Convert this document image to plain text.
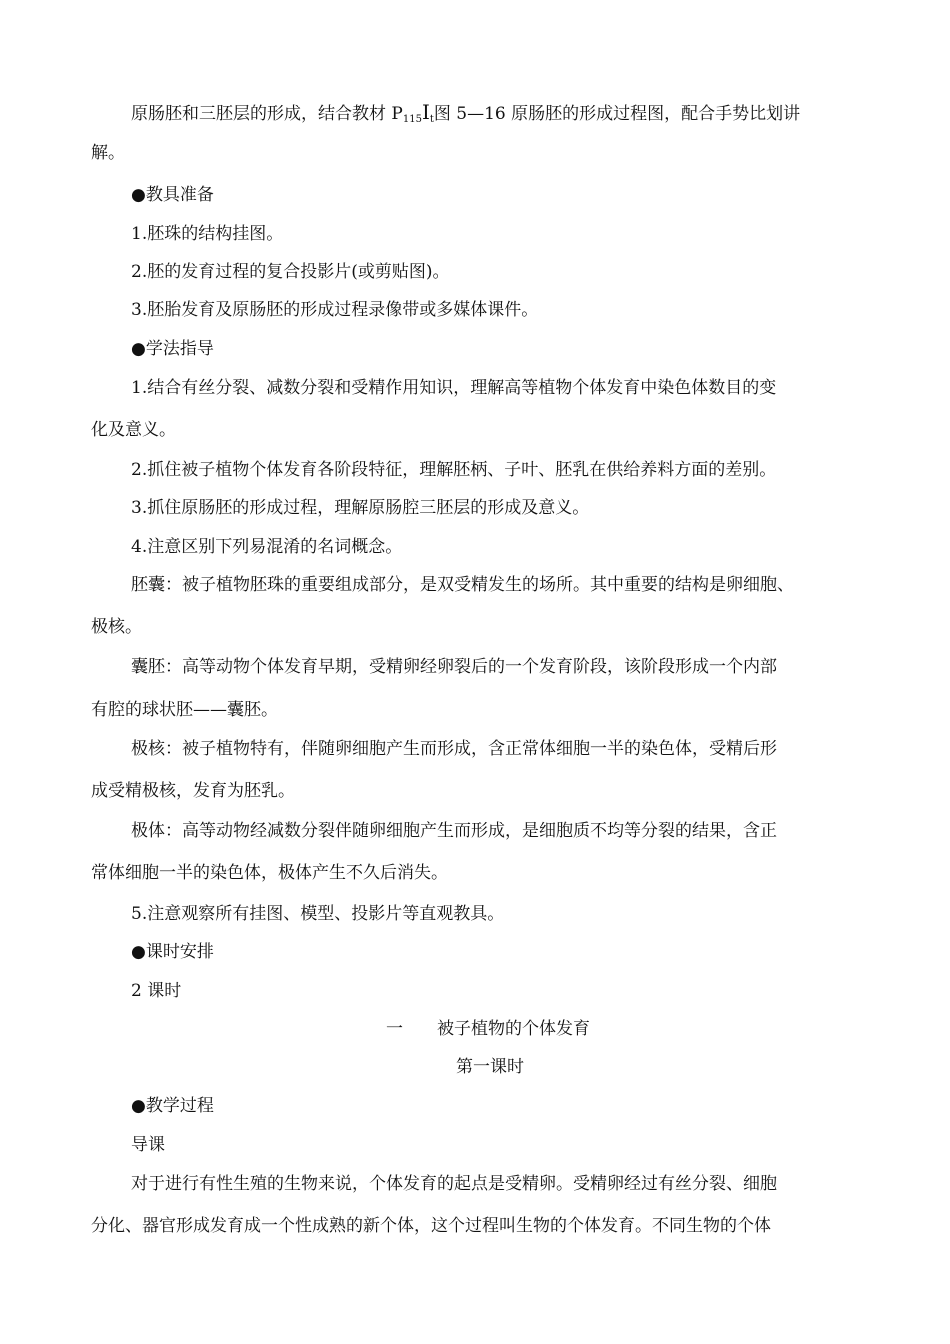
原肠胚和三胚层的形成，结合教材 P115It图 5—16 原肠胚的形成过程图，配合手势比划讲
解。
●教具准备
1.胚珠的结构挂图。
2.胚的发育过程的复合投影片(或剪贴图)。
3.胚胎发育及原肠胚的形成过程录像带或多媒体课件。
●学法指导
1.结合有丝分裂、减数分裂和受精作用知识，理解高等植物个体发育中染色体数目的变
化及意义。
2.抓住被子植物个体发育各阶段特征，理解胚柄、子叶、胚乳在供给养料方面的差别。
3.抓住原肠胚的形成过程，理解原肠腔三胚层的形成及意义。
4.注意区别下列易混淆的名词概念。
胚囊：被子植物胚珠的重要组成部分，是双受精发生的场所。其中重要的结构是卵细胞、
极核。
囊胚：高等动物个体发育早期，受精卵经卵裂后的一个发育阶段，该阶段形成一个内部
有腔的球状胚——囊胚。
极核：被子植物特有，伴随卵细胞产生而形成，含正常体细胞一半的染色体，受精后形
成受精极核，发育为胚乳。
极体：高等动物经减数分裂伴随卵细胞产生而形成，是细胞质不均等分裂的结果，含正
常体细胞一半的染色体，极体产生不久后消失。
5.注意观察所有挂图、模型、投影片等直观教具。
●课时安排
2 课时
一　　被子植物的个体发育
第一课时
●教学过程
导课
对于进行有性生殖的生物来说，个体发育的起点是受精卵。受精卵经过有丝分裂、细胞
分化、器官形成发育成一个性成熟的新个体，这个过程叫生物的个体发育。不同生物的个体
